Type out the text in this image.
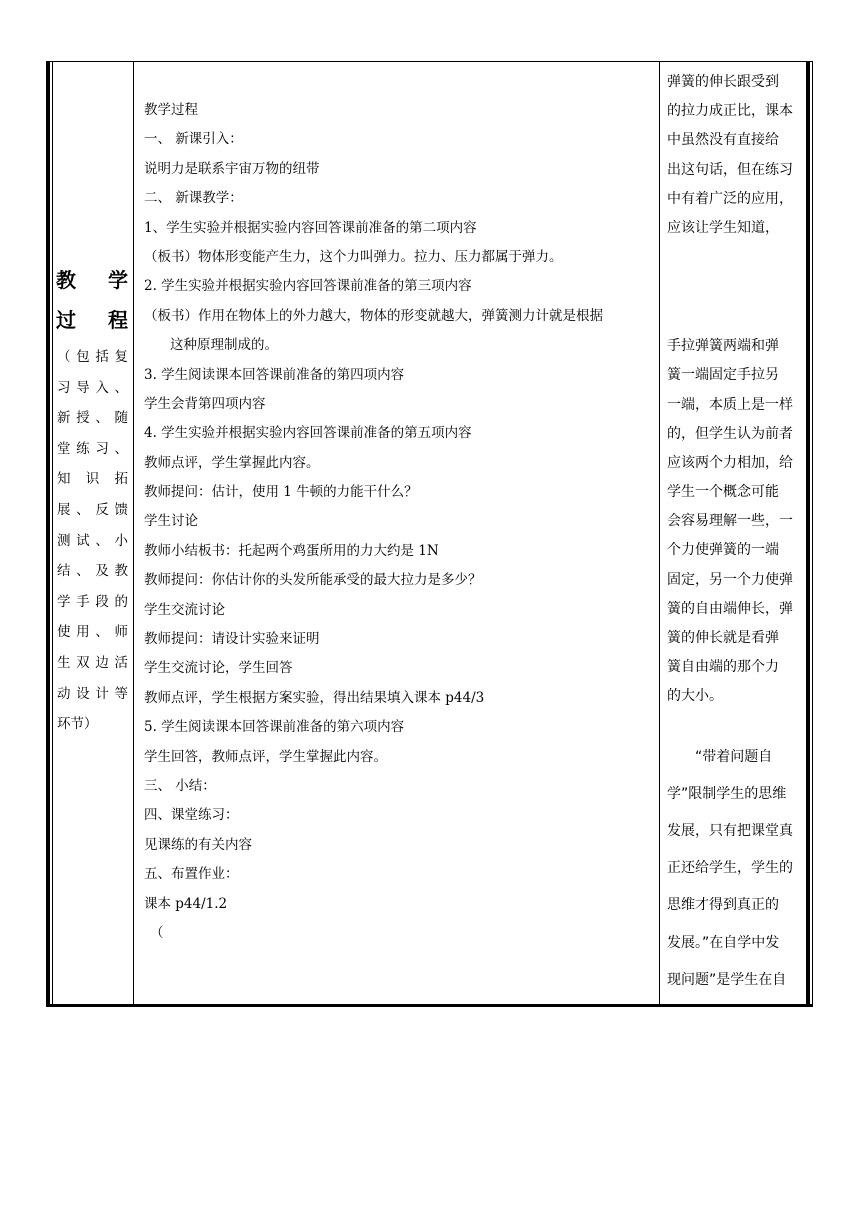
教 学
过 程
（包括复
习导入、
新授、随
堂练习、
知识拓
展、反馈
测试、小
结、及教
学手段的
使用、师
生双边活
动设计等
环节）
教学过程
一、 新课引入：
说明力是联系宇宙万物的纽带
二、 新课教学：
1、学生实验并根据实验内容回答课前准备的第二项内容
（板书）物体形变能产生力，这个力叫弹力。拉力、压力都属于弹力。
2. 学生实验并根据实验内容回答课前准备的第三项内容
（板书）作用在物体上的外力越大，物体的形变就越大，弹簧测力计就是根据
这种原理制成的。
3. 学生阅读课本回答课前准备的第四项内容
学生会背第四项内容
4. 学生实验并根据实验内容回答课前准备的第五项内容
教师点评，学生掌握此内容。
教师提问：估计，使用 1 牛顿的力能干什么？
学生讨论
教师小结板书：托起两个鸡蛋所用的力大约是 1N
教师提问：你估计你的头发所能承受的最大拉力是多少？
学生交流讨论
教师提问：请设计实验来证明
学生交流讨论，学生回答
教师点评，学生根据方案实验，得出结果填入课本 p44/3
5. 学生阅读课本回答课前准备的第六项内容
学生回答，教师点评，学生掌握此内容。
三、 小结：
四、课堂练习：
见课练的有关内容
五、布置作业：
课本 p44/1.2
（
弹簧的伸长跟受到
的拉力成正比，课本
中虽然没有直接给
出这句话，但在练习
中有着广泛的应用，
应该让学生知道，
手拉弹簧两端和弹
簧一端固定手拉另
一端，本质上是一样
的，但学生认为前者
应该两个力相加，给
学生一个概念可能
会容易理解一些，一
个力使弹簧的一端
固定，另一个力使弹
簧的自由端伸长，弹
簧的伸长就是看弹
簧自由端的那个力
的大小。
“带着问题自
学”限制学生的思维
发展，只有把课堂真
正还给学生，学生的
思维才得到真正的
发展。”在自学中发
现问题”是学生在自
